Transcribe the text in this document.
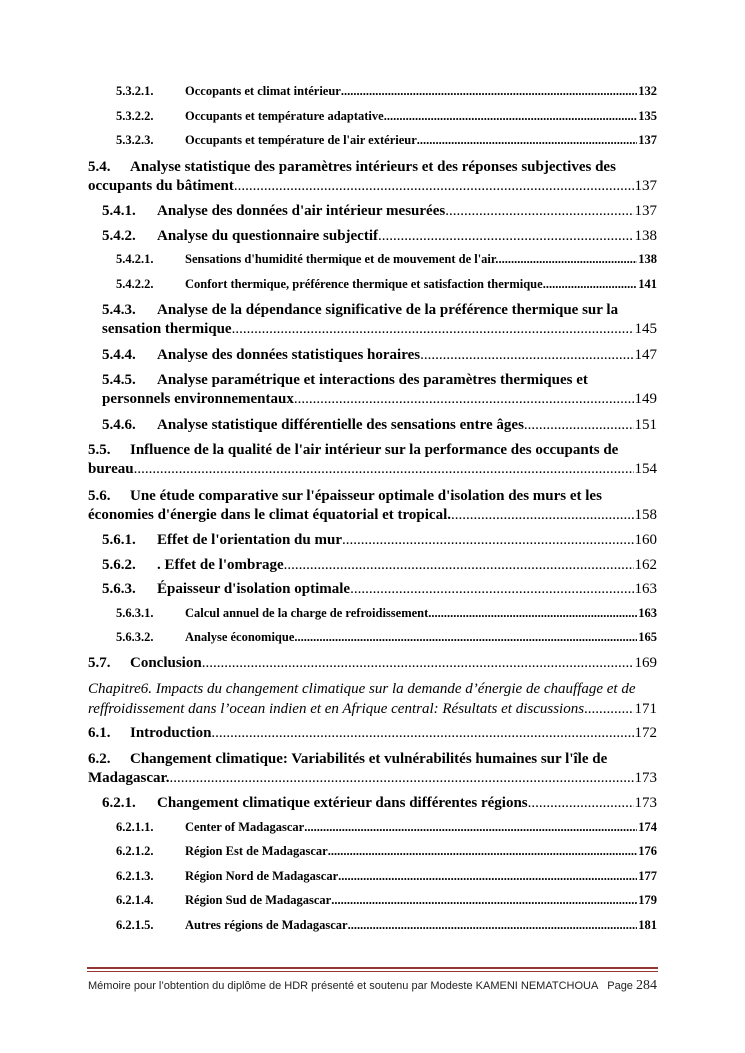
5.3.2.1.	Occopants et climat intérieur .....	132
5.3.2.2.	Occupants et température adaptative .....	135
5.3.2.3.	Occupants et température de l'air extérieur .....	137
5.4. Analyse statistique des paramètres intérieurs et des réponses subjectives des
occupants du bâtiment .....	137
5.4.1.	Analyse des données d'air intérieur mesurées .....	137
5.4.2.	Analyse du questionnaire subjectif .....	138
5.4.2.1.	Sensations d'humidité thermique et de mouvement de l'air. .....	138
5.4.2.2.	Confort thermique, préférence thermique et satisfaction thermique .....	141
5.4.3. Analyse de la dépendance significative de la préférence thermique sur la
sensation thermique .....	145
5.4.4.	Analyse des données statistiques horaires .....	147
5.4.5. Analyse paramétrique et interactions des paramètres thermiques et
personnels environnementaux .....	149
5.4.6.	Analyse statistique différentielle des sensations entre âges .....	151
5.5. Influence de la qualité de l'air intérieur sur la performance des occupants de
bureau .....	154
5.6. Une étude comparative sur l'épaisseur optimale d'isolation des murs et les
économies d'énergie dans le climat équatorial et tropical. .....	158
5.6.1.	Effet de l'orientation du mur .....	160
5.6.2.	. Effet de l'ombrage .....	162
5.6.3.	Épaisseur d'isolation optimale .....	163
5.6.3.1.	Calcul annuel de la charge de refroidissement .....	163
5.6.3.2.	Analyse économique .....	165
5.7.	Conclusion .....	169
Chapitre6. Impacts du changement climatique sur la demande d’énergie de chauffage et de
reffroidissement dans l’ocean indien et en Afrique central: Résultats et discussions .....	171
6.1.	Introduction .....	172
6.2. Changement climatique: Variabilités et vulnérabilités humaines sur l'île de
Madagascar. .....	173
6.2.1.	Changement climatique extérieur dans différentes régions .....	173
6.2.1.1.	Center of Madagascar .....	174
6.2.1.2.	Région Est de Madagascar .....	176
6.2.1.3.	Région Nord de Madagascar .....	177
6.2.1.4.	Région Sud de Madagascar .....	179
6.2.1.5.	Autres régions de Madagascar .....	181
Mémoire pour l’obtention du diplôme de HDR présenté et soutenu par Modeste KAMENI NEMATCHOUA Page 284
